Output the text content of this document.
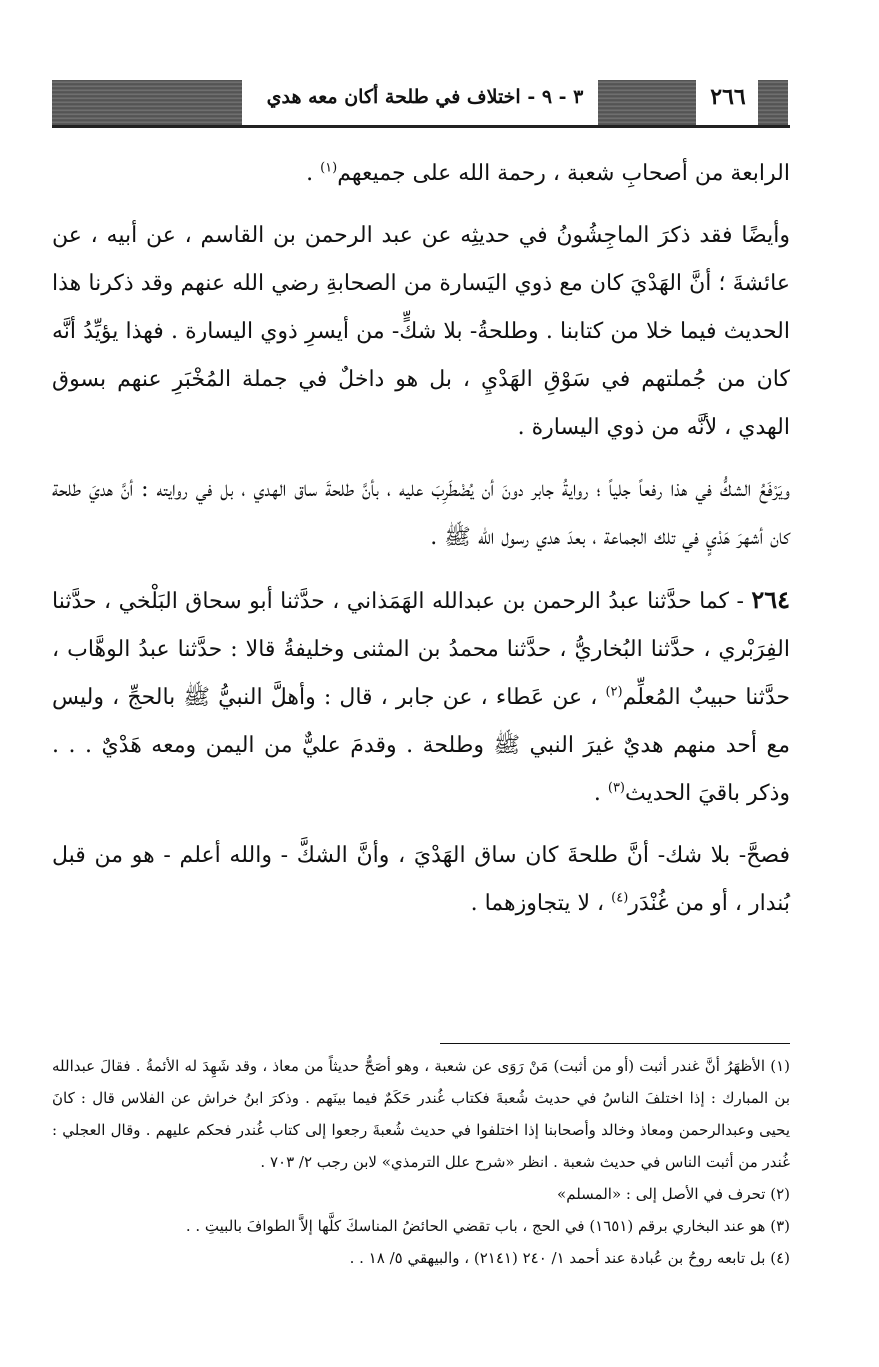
٣ - ٩ - اختلاف في طلحة أكان معه هدي	٢٦٦

الرابعة من أصحابِ شعبة ، رحمة الله على جميعهم$^{(١)}$ .

وأيضًا فقد ذكرَ الماجِشُونُ في حديثِه عن عبد الرحمن بن القاسم ، عن أبيه ، عن عائشةَ ؛ أنَّ الهَدْيَ كان مع ذوي اليَسارة من الصحابةِ رضي الله عنهم وقد ذكرنا هذا الحديث فيما خلا من كتابنا . وطلحةُ- بلا شكٍّ- من أيسرِ ذوي اليسارة . فهذا يؤيِّدُ أنَّه كان من جُملتهم في سَوْقِ الهَدْيِ ، بل هو داخلٌ في جملة المُخْبَرِ عنهم بسوق الهدي ، لأنَّه من ذوي اليسارة .

ويَرْفَعُ الشكُّ في هذا رفعاً جلياً ؛ روايةُ جابر دونَ أن يُضْطَرِبَ عليه ، بأنَّ طلحةَ ساق الهدي ، بل في روايته : أنَّ هديَ طلحة كان أشهرَ هَدْيٍ في تلك الجماعة ، بعدَ هدي رسول الله ﷺ .

٢٦٤ - كما حدَّثنا عبدُ الرحمن بن عبدالله الهَمَذاني ، حدَّثنا أبو سحاق البَلْخي ، حدَّثنا الفِرَبْري ، حدَّثنا البُخاريُّ ، حدَّثنا محمدُ بن المثنى وخليفةُ قالا : حدَّثنا عبدُ الوهَّاب ، حدَّثنا حبيبٌ المُعلِّم$^{(٢)}$ ، عن عَطاء ، عن جابر ، قال : وأهلَّ النبيُّ ﷺ بالحجِّ ، وليس مع أحد منهم هديٌ غيرَ النبي ﷺ وطلحة . وقدمَ عليٌّ من اليمن ومعه هَدْيٌ . . . وذكر باقيَ الحديث$^{(٣)}$ .

فصحَّ- بلا شك- أنَّ طلحةَ كان ساق الهَدْيَ ، وأنَّ الشكَّ - والله أعلم - هو من قبل بُندار ، أو من غُنْدَر$^{(٤)}$ ، لا يتجاوزهما .

(١) الأظهَرُ أنَّ غندر أثبت (أو من أثبت) مَنْ رَوَى عن شعبة ، وهو أصَحُّ حديثاً من معاذ ، وقد شَهِدَ له الأئمةُ . فقالَ عبدالله بن المبارك : إذا اختلفَ الناسُ في حديث شُعبةَ فكتاب غُندر حَكَمٌ فيما بينَهم . وذكرَ ابنُ خراش عن الفلاس قال : كانَ يحيى وعبدالرحمن ومعاذ وخالد وأصحابنا إذا اختلفوا في حديث شُعبةَ رجعوا إلى كتاب غُندر فحكم عليهم . وقال العجلي : غُندر من أثبت الناس في حديث شعبة . انظر «شرح علل الترمذي» لابن رجب ٢/ ٧٠٣ .

(٢) تحرف في الأصل إلى : «المسلم»

(٣) هو عند البخاري برقم (١٦٥١) في الحج ، باب تقضي الحائضُ المناسكَ كلَّها إلاَّ الطوافَ بالبيتِ . .

(٤) بل تابعه روحُ بن عُبادة عند أحمد ١/ ٢٤٠ (٢١٤١) ، والبيهقي ٥/ ١٨ . .
